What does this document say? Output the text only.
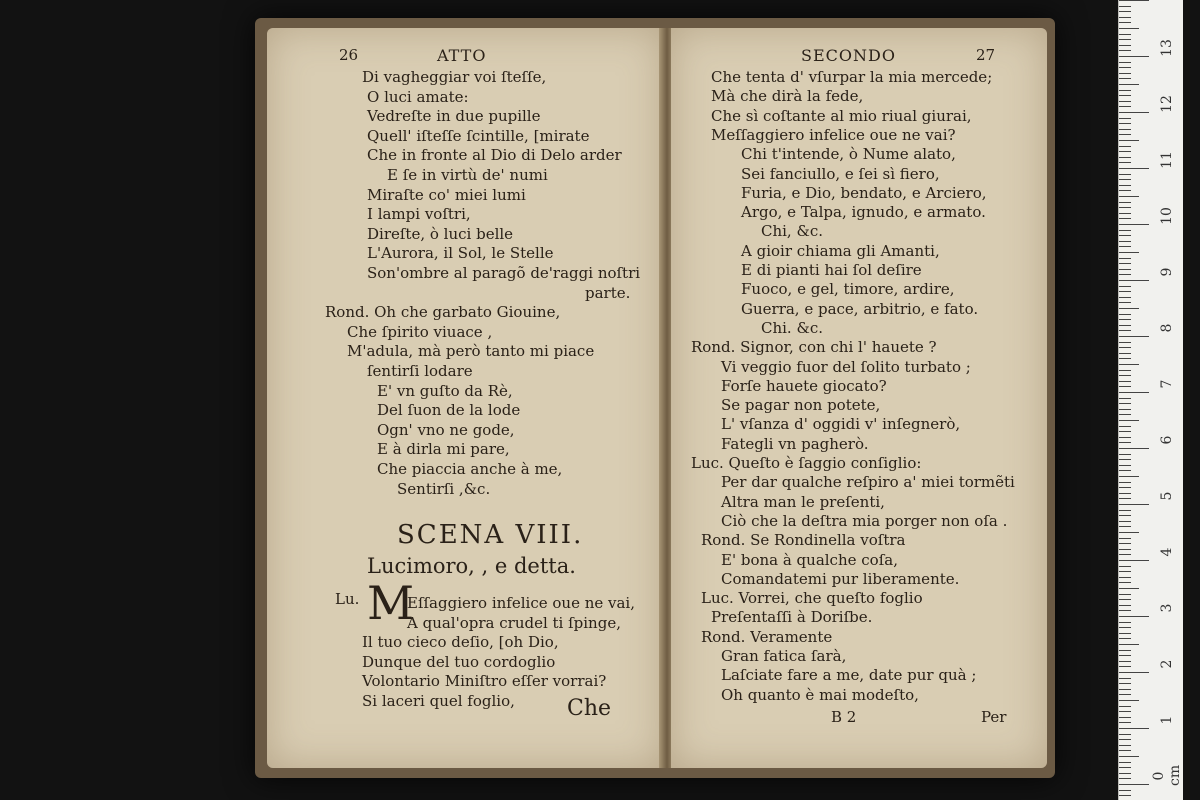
26	ATTO
Di vagheggiar voi ſteſſe,
O luci amate:
Vedreſte in due pupille
Quell' iſteſſe ſcintille, [mirate
Che in fronte al Dio di Delo arder
E ſe in virtù de' numi
Miraſte co' miei lumi
I lampi voſtri,
Direſte, ò luci belle
L'Aurora, il Sol, le Stelle
Son'ombre al paragõ de'raggi noſtri
parte.
Rond. Oh che garbato Giouine,
Che ſpirito viuace ,
M'adula, mà però tanto mi piace
ſentirſi lodare
E' vn guſto da Rè,
Del ſuon de la lode
Ogn' vno ne gode,
E à dirla mi pare,
Che piaccia anche à me,
Sentirſi ,&c.
SCENA VIII.
Lucimoro, , e detta.
Lu. M
Eſſaggiero infelice oue ne vai,
A qual'opra crudel ti ſpinge,
Il tuo cieco deſio, [oh Dio,
Dunque del tuo cordoglio
Volontario Miniſtro eſſer vorrai?
Si laceri quel foglio, Che
SECONDO	27
Che tenta d' vſurpar la mia mercede;
Mà che dirà la fede,
Che sì coſtante al mio riual giurai,
Meſſaggiero infelice oue ne vai?
Chi t'intende, ò Nume alato,
Sei fanciullo, e ſei sì fiero,
Furia, e Dio, bendato, e Arciero,
Argo, e Talpa, ignudo, e armato.
Chi, &c.
A gioir chiama gli Amanti,
E di pianti hai ſol deſire
Fuoco, e gel, timore, ardire,
Guerra, e pace, arbitrio, e fato.
Chi. &c.
Rond. Signor, con chi l' hauete ?
Vi veggio fuor del ſolito turbato ;
Forſe hauete giocato?
Se pagar non potete,
L' vſanza d' oggidi v' inſegnerò,
Fategli vn pagherò.
Luc. Queſto è ſaggio conſiglio:
Per dar qualche reſpiro a' miei tormẽti
Altra man le preſenti,
Ciò che la deſtra mia porger non oſa .
Rond. Se Rondinella voſtra
E' bona à qualche coſa,
Comandatemi pur liberamente.
Luc. Vorrei, che queſto foglio
Preſentaſſi à Doriſbe.
Rond. Veramente
Gran fatica ſarà,
Laſciate fare a me, date pur quà ;
Oh quanto è mai modeſto,
B 2	Per
0 cm
1
2
3
4
5
6
7
8
9
10
11
12
13
